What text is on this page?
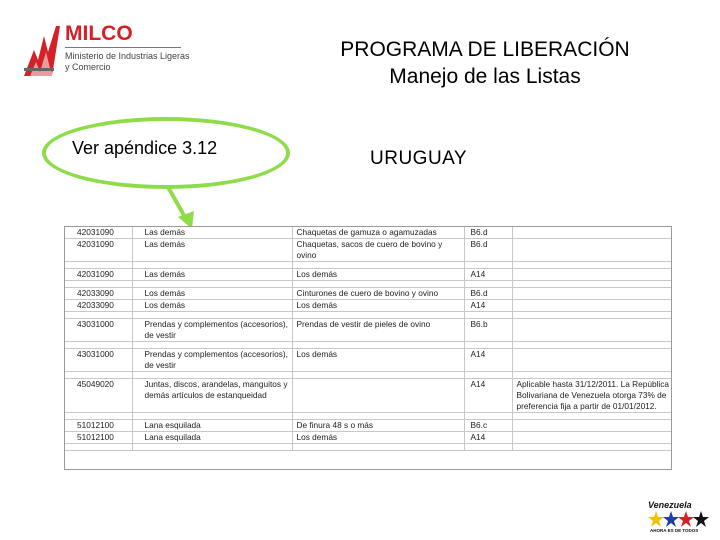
MILCO
Ministerio de Industrias Ligeras
y Comercio
PROGRAMA DE LIBERACIÓN
Manejo de las Listas
Ver apéndice 3.12	URUGUAY
42031090	Las demás	Chaquetas de gamuza o agamuzadas	B6.d	
42031090	Las demás	Chaquetas, sacos de cuero de bovino y ovino	B6.d	

42031090	Las demás	Los demás	A14	

42033090	Los demás	Cinturones de cuero de bovino y ovino	B6.d	
42033090	Los demás	Los demás	A14	

43031000	Prendas y complementos (accesorios), de vestir	Prendas de vestir de pieles de ovino	B6.b	

43031000	Prendas y complementos (accesorios), de vestir	Los demás	A14	

45049020	Juntas, discos, arandelas, manguitos y demás artículos de estanqueidad		A14	Aplicable hasta 31/12/2011. La República Bolivariana de Venezuela otorga 73% de preferencia fija a partir de 01/01/2012.

51012100	Lana esquilada	De finura 48 s o más	B6.c	
51012100	Lana esquilada	Los demás	A14	

Venezuela
AHORA ES DE TODOS
